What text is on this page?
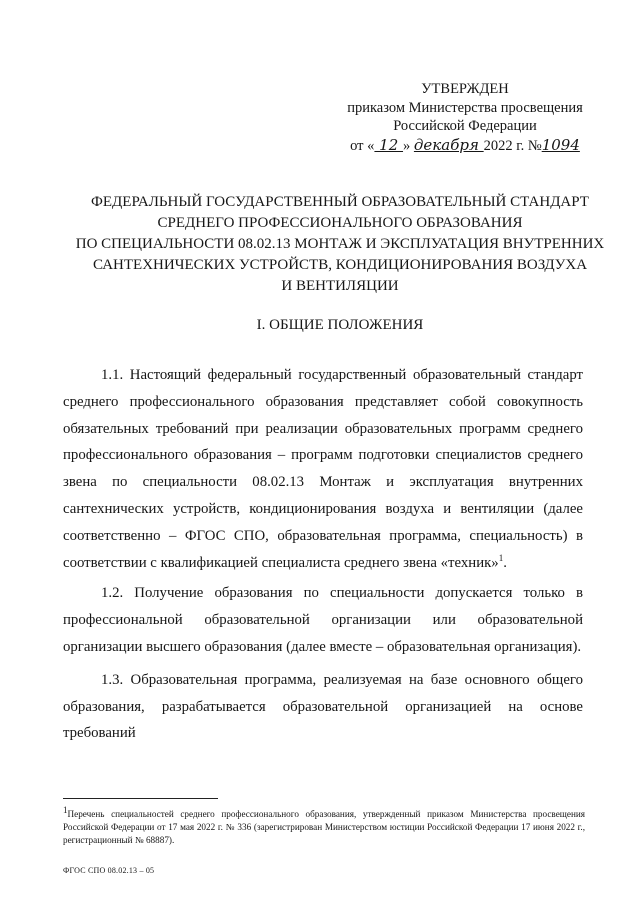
УТВЕРЖДЕН
приказом Министерства просвещения
Российской Федерации
от « 12 » декабря 2022 г. №1094
ФЕДЕРАЛЬНЫЙ ГОСУДАРСТВЕННЫЙ ОБРАЗОВАТЕЛЬНЫЙ СТАНДАРТ
СРЕДНЕГО ПРОФЕССИОНАЛЬНОГО ОБРАЗОВАНИЯ
ПО СПЕЦИАЛЬНОСТИ 08.02.13 МОНТАЖ И ЭКСПЛУАТАЦИЯ ВНУТРЕННИХ
САНТЕХНИЧЕСКИХ УСТРОЙСТВ, КОНДИЦИОНИРОВАНИЯ ВОЗДУХА
И ВЕНТИЛЯЦИИ
I. ОБЩИЕ ПОЛОЖЕНИЯ

1.1. Настоящий федеральный государственный образовательный стандарт среднего профессионального образования представляет собой совокупность обязательных требований при реализации образовательных программ среднего профессионального образования – программ подготовки специалистов среднего звена по специальности 08.02.13 Монтаж и эксплуатация внутренних сантехнических устройств, кондиционирования воздуха и вентиляции (далее соответственно – ФГОС СПО, образовательная программа, специальность) в соответствии с квалификацией специалиста среднего звена «техник»$^1$.

1.2. Получение образования по специальности допускается только в профессиональной образовательной организации или образовательной организации высшего образования (далее вместе – образовательная организация).

1.3. Образовательная программа, реализуемая на базе основного общего образования, разрабатывается образовательной организацией на основе требований

$^1$Перечень специальностей среднего профессионального образования, утвержденный приказом Министерства просвещения Российской Федерации от 17 мая 2022 г. № 336 (зарегистрирован Министерством юстиции Российской Федерации 17 июня 2022 г., регистрационный № 68887).
ФГОС СПО 08.02.13 – 05
